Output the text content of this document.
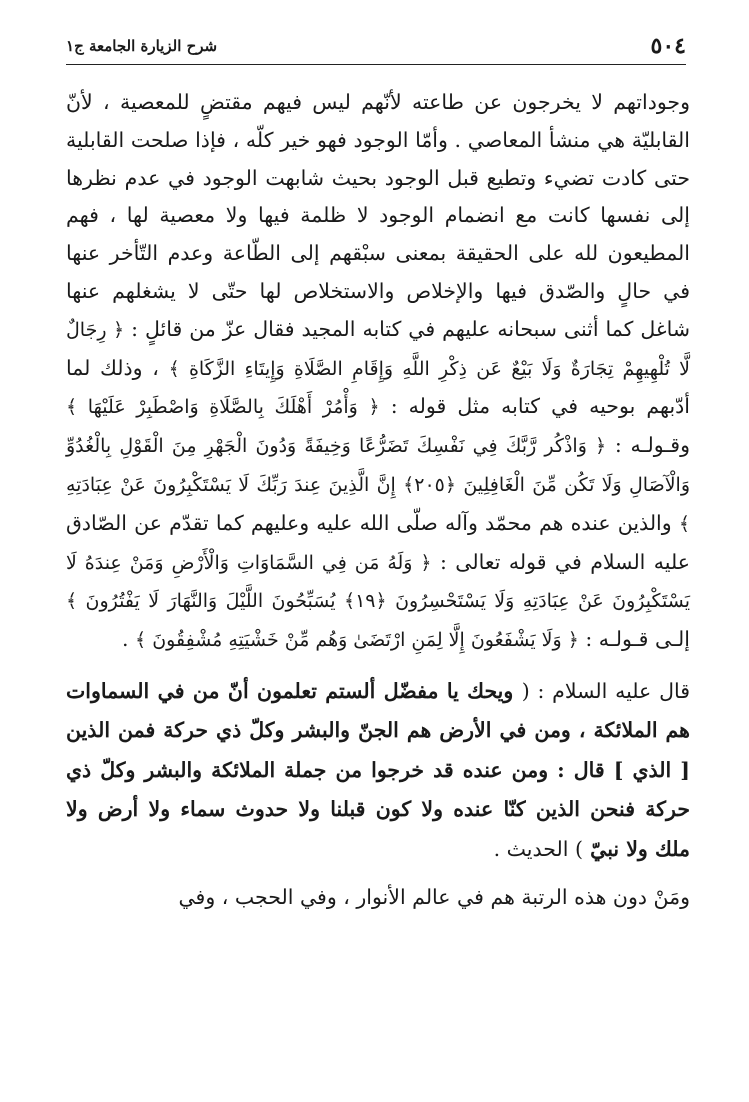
٥٠٤
شرح الزيارة الجامعة ج١

وجوداتهم لا يخرجون عن طاعته لأنّهم ليس فيهم مقتضٍ للمعصية ، لأنّ القابليّة هي منشأ المعاصي . وأمّا الوجود فهو خير كلّه ، فإذا صلحت القابلية حتى كادت تضيء وتطيع قبل الوجود بحيث شابهت الوجود في عدم نظرها إلى نفسها كانت مع انضمام الوجود لا ظلمة فيها ولا معصية لها ، فهم المطيعون لله على الحقيقة بمعنى سبْقهم إلى الطّاعة وعدم التّأخر عنها في حالٍ والصّدق فيها والإخلاص والاستخلاص لها حتّى لا يشغلهم عنها شاغل كما أثنى سبحانه عليهم في كتابه المجيد فقال عزّ من قائلٍ : ﴿ رِجَالٌ لَّا تُلْهِيهِمْ تِجَارَةٌ وَلَا بَيْعٌ عَن ذِكْرِ اللَّهِ وَإِقَامِ الصَّلَاةِ وَإِيتَاءِ الزَّكَاةِ ﴾ ، وذلك لما أدّبهم بوحيه في كتابه مثل قوله : ﴿ وَأْمُرْ أَهْلَكَ بِالصَّلَاةِ وَاصْطَبِرْ عَلَيْهَا ﴾ وقـولـه : ﴿ وَاذْكُر رَّبَّكَ فِي نَفْسِكَ تَضَرُّعًا وَخِيفَةً وَدُونَ الْجَهْرِ مِنَ الْقَوْلِ بِالْغُدُوِّ وَالْآصَالِ وَلَا تَكُن مِّنَ الْغَافِلِينَ ﴿٢٠٥﴾ إِنَّ الَّذِينَ عِندَ رَبِّكَ لَا يَسْتَكْبِرُونَ عَنْ عِبَادَتِهِ ﴾ والذين عنده هم محمّد وآله صلّى الله عليه وعليهم كما تقدّم عن الصّادق عليه السلام في قوله تعالى : ﴿ وَلَهُ مَن فِي السَّمَاوَاتِ وَالْأَرْضِ وَمَنْ عِندَهُ لَا يَسْتَكْبِرُونَ عَنْ عِبَادَتِهِ وَلَا يَسْتَحْسِرُونَ ﴿١٩﴾ يُسَبِّحُونَ اللَّيْلَ وَالنَّهَارَ لَا يَفْتُرُونَ ﴾ إلـى قـولـه : ﴿ وَلَا يَشْفَعُونَ إِلَّا لِمَنِ ارْتَضَىٰ وَهُم مِّنْ خَشْيَتِهِ مُشْفِقُونَ ﴾ .

قال عليه السلام : ( ويحك يا مفضّل ألستم تعلمون أنّ من في السماوات هم الملائكة ، ومن في الأرض هم الجنّ والبشر وكلّ ذي حركة فمن الذين [ الذي ] قال : ومن عنده قد خرجوا من جملة الملائكة والبشر وكلّ ذي حركة فنحن الذين كنّا عنده ولا كون قبلنا ولا حدوث سماء ولا أرض ولا ملك ولا نبيّ ) الحديث .

ومَنْ دون هذه الرتبة هم في عالم الأنوار ، وفي الحجب ، وفي
